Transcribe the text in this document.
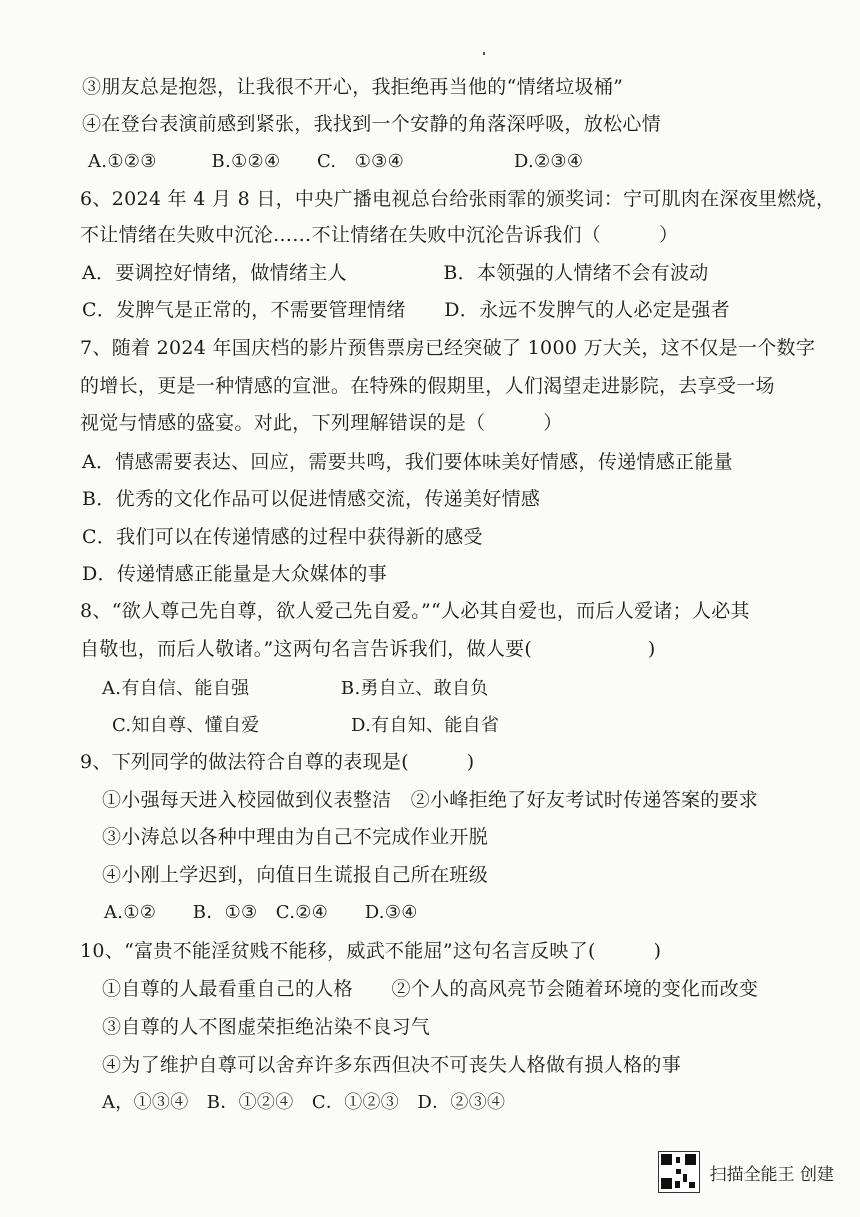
③朋友总是抱怨，让我很不开心，我拒绝再当他的“情绪垃圾桶”
④在登台表演前感到紧张，我找到一个安静的角落深呼吸，放松心情
A.①②③　　　B.①②④　　C.　①③④　　　　　　D.②③④
6、2024 年 4 月 8 日，中央广播电视总台给张雨霏的颁奖词：宁可肌肉在深夜里燃烧，
不让情绪在失败中沉沦……不让情绪在失败中沉沦告诉我们（　　　）
A．要调控好情绪，做情绪主人　　　　　B．本领强的人情绪不会有波动
C．发脾气是正常的，不需要管理情绪　　D．永远不发脾气的人必定是强者
7、随着 2024 年国庆档的影片预售票房已经突破了 1000 万大关，这不仅是一个数字
的增长，更是一种情感的宣泄。在特殊的假期里，人们渴望走进影院，去享受一场
视觉与情感的盛宴。对此，下列理解错误的是（　　　）
A．情感需要表达、回应，需要共鸣，我们要体味美好情感，传递情感正能量
B．优秀的文化作品可以促进情感交流，传递美好情感
C．我们可以在传递情感的过程中获得新的感受
D．传递情感正能量是大众媒体的事
8、“欲人尊己先自尊，欲人爱己先自爱。”“人必其自爱也，而后人爱诸；人必其
自敬也，而后人敬诸。”这两句名言告诉我们，做人要(　　　　　　)
A.有自信、能自强　　　　　B.勇自立、敢自负
C.知自尊、懂自爱　　　　　D.有自知、能自省
9、下列同学的做法符合自尊的表现是(　　　)
①小强每天进入校园做到仪表整洁　②小峰拒绝了好友考试时传递答案的要求
③小涛总以各种中理由为自己不完成作业开脱
④小刚上学迟到，向值日生谎报自己所在班级
A.①②　　B．①③　C.②④　　D.③④
10、“富贵不能淫贫贱不能移，威武不能屈”这句名言反映了(　　　)
①自尊的人最看重自己的人格　　②个人的高风亮节会随着环境的变化而改变
③自尊的人不图虚荣拒绝沾染不良习气
④为了维护自尊可以舍弃许多东西但决不可丧失人格做有损人格的事
A，①③④　B．①②④　C．①②③　D．②③④
扫描全能王 创建
